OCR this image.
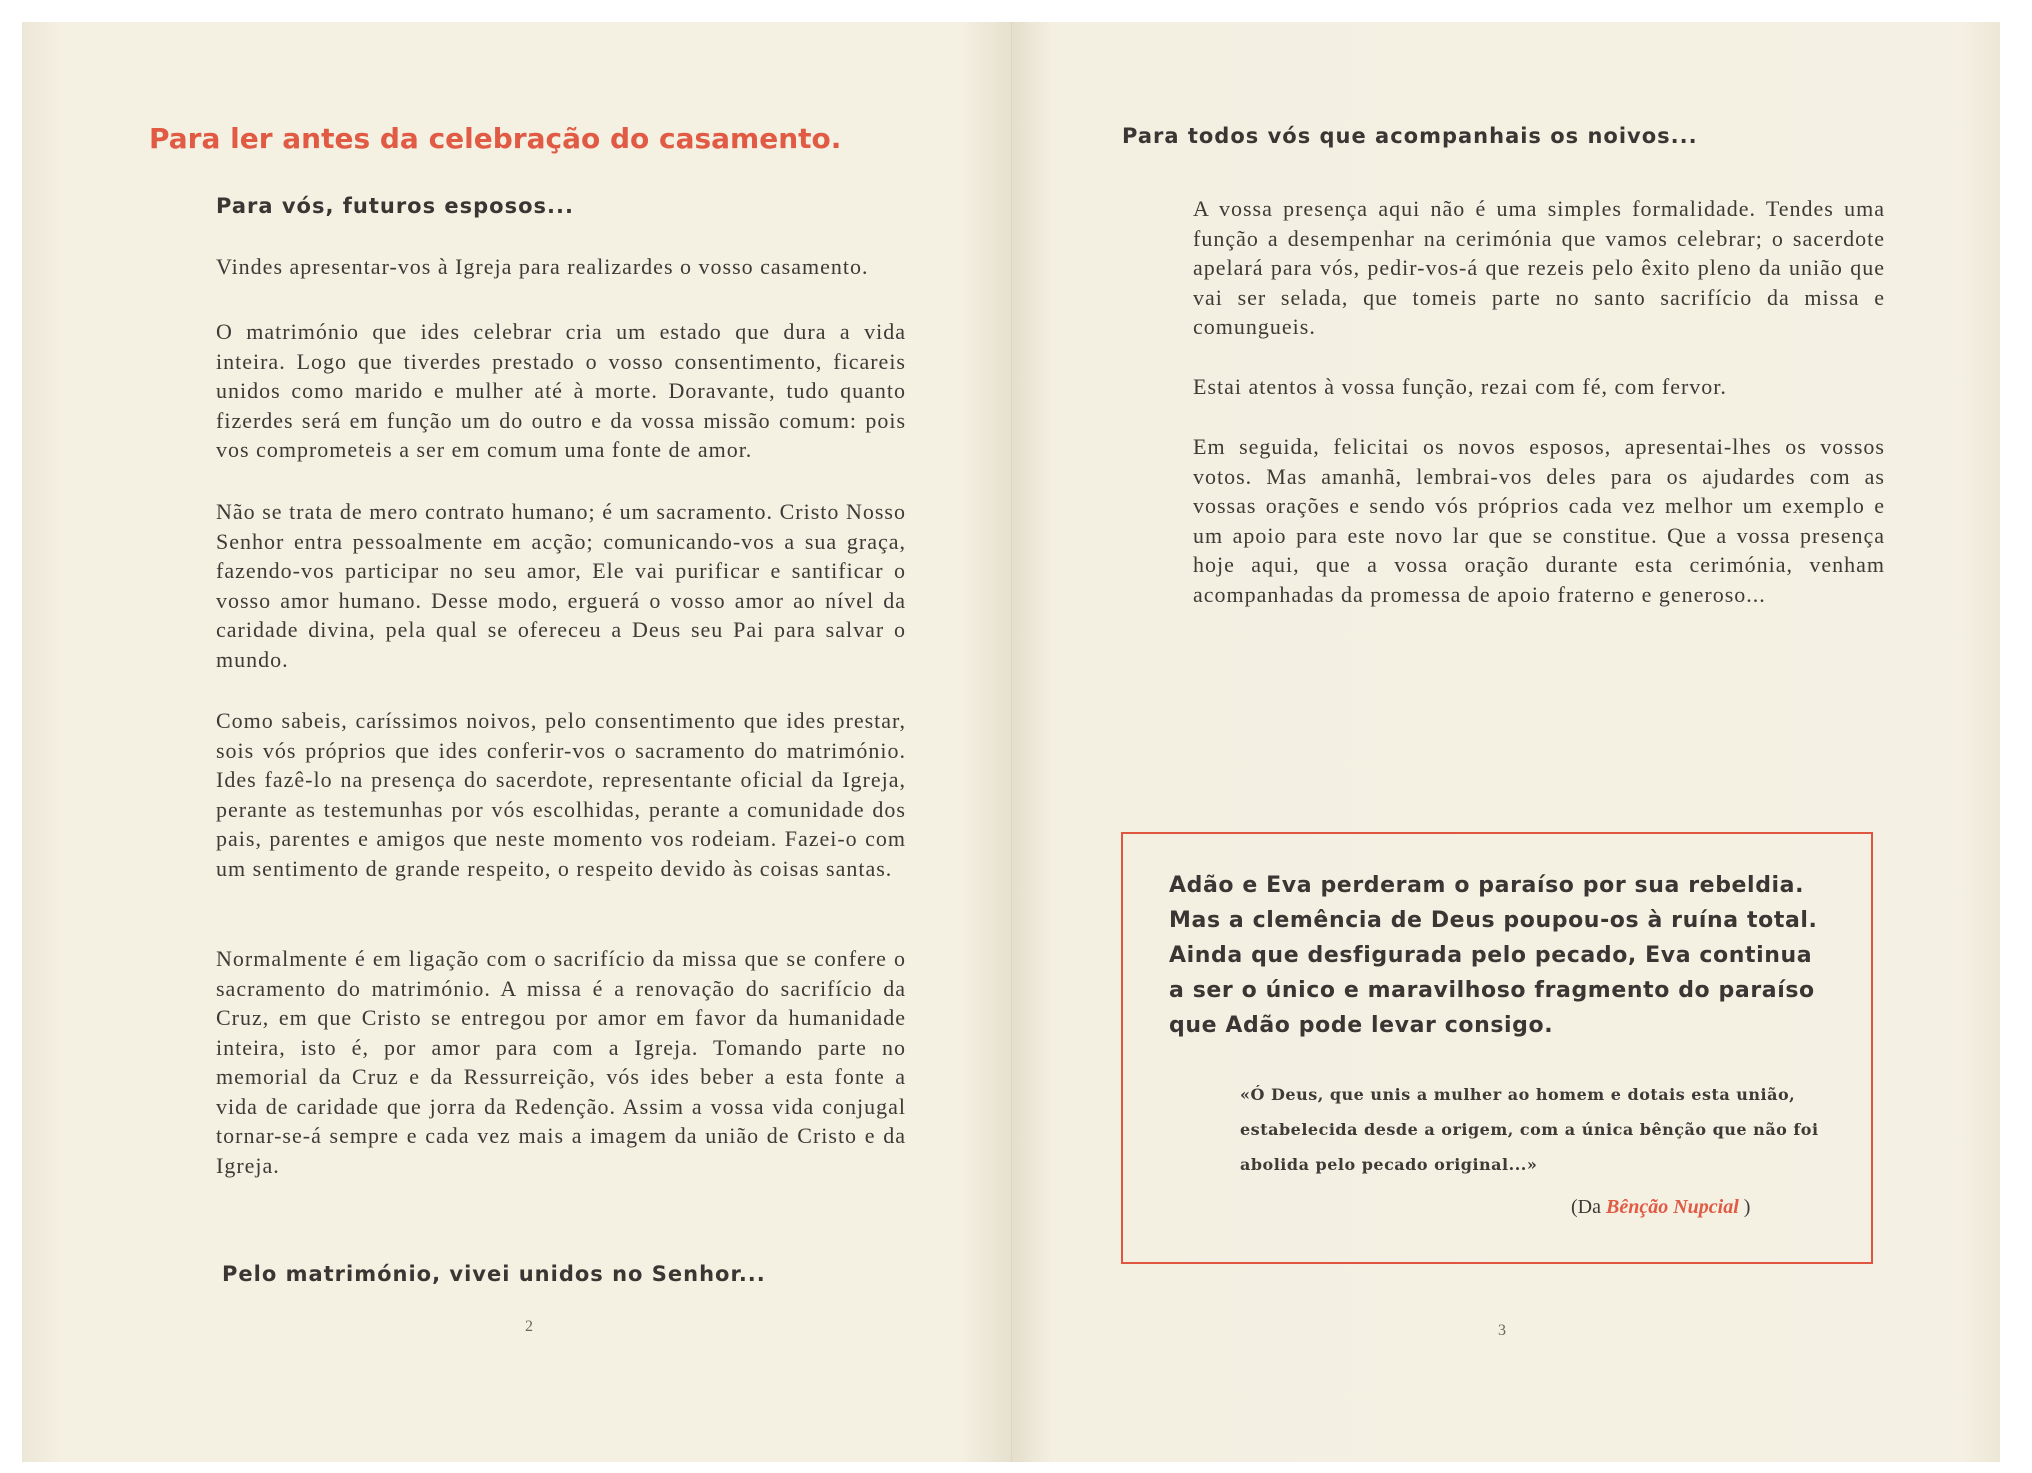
Para ler antes da celebração do casamento.
Para vós, futuros esposos...

Vindes apresentar-vos à Igreja para realizardes o vosso casamento.

O matrimónio que ides celebrar cria um estado que dura a vida inteira. Logo que tiverdes prestado o vosso consentimento, ficareis unidos como marido e mulher até à morte. Doravante, tudo quanto fizerdes será em função um do outro e da vossa missão comum: pois vos comprometeis a ser em comum uma fonte de amor.

Não se trata de mero contrato humano; é um sacramento. Cristo Nosso Senhor entra pessoalmente em acção; comunicando-vos a sua graça, fazendo-vos participar no seu amor, Ele vai purificar e santificar o vosso amor humano. Desse modo, erguerá o vosso amor ao nível da caridade divina, pela qual se ofereceu a Deus seu Pai para salvar o mundo.

Como sabeis, caríssimos noivos, pelo consentimento que ides prestar, sois vós próprios que ides conferir-vos o sacramento do matrimónio. Ides fazê-lo na presença do sacerdote, representante oficial da Igreja, perante as testemunhas por vós escolhidas, perante a comunidade dos pais, parentes e amigos que neste momento vos rodeiam. Fazei-o com um sentimento de grande respeito, o respeito devido às coisas santas.

Normalmente é em ligação com o sacrifício da missa que se confere o sacramento do matrimónio. A missa é a renovação do sacrifício da Cruz, em que Cristo se entregou por amor em favor da humanidade inteira, isto é, por amor para com a Igreja. Tomando parte no memorial da Cruz e da Ressurreição, vós ides beber a esta fonte a vida de caridade que jorra da Redenção. Assim a vossa vida conjugal tornar-se-á sempre e cada vez mais a imagem da união de Cristo e da Igreja.

Pelo matrimónio, vivei unidos no Senhor...

2

Para todos vós que acompanhais os noivos...

A vossa presença aqui não é uma simples formalidade. Tendes uma função a desempenhar na cerimónia que vamos celebrar; o sacerdote apelará para vós, pedir-vos-á que rezeis pelo êxito pleno da união que vai ser selada, que tomeis parte no santo sacrifício da missa e comungueis.

Estai atentos à vossa função, rezai com fé, com fervor.

Em seguida, felicitai os novos esposos, apresentai-lhes os vossos votos. Mas amanhã, lembrai-vos deles para os ajudardes com as vossas orações e sendo vós próprios cada vez melhor um exemplo e um apoio para este novo lar que se constitue. Que a vossa presença hoje aqui, que a vossa oração durante esta cerimónia, venham acompanhadas da promessa de apoio fraterno e generoso...

Adão e Eva perderam o paraíso por sua rebeldia. Mas a clemência de Deus poupou-os à ruína total. Ainda que desfigurada pelo pecado, Eva continua a ser o único e maravilhoso fragmento do paraíso que Adão pode levar consigo.

«Ó Deus, que unis a mulher ao homem e dotais esta união, estabelecida desde a origem, com a única bênção que não foi abolida pelo pecado original...»

(Da Bênção Nupcial )

3
